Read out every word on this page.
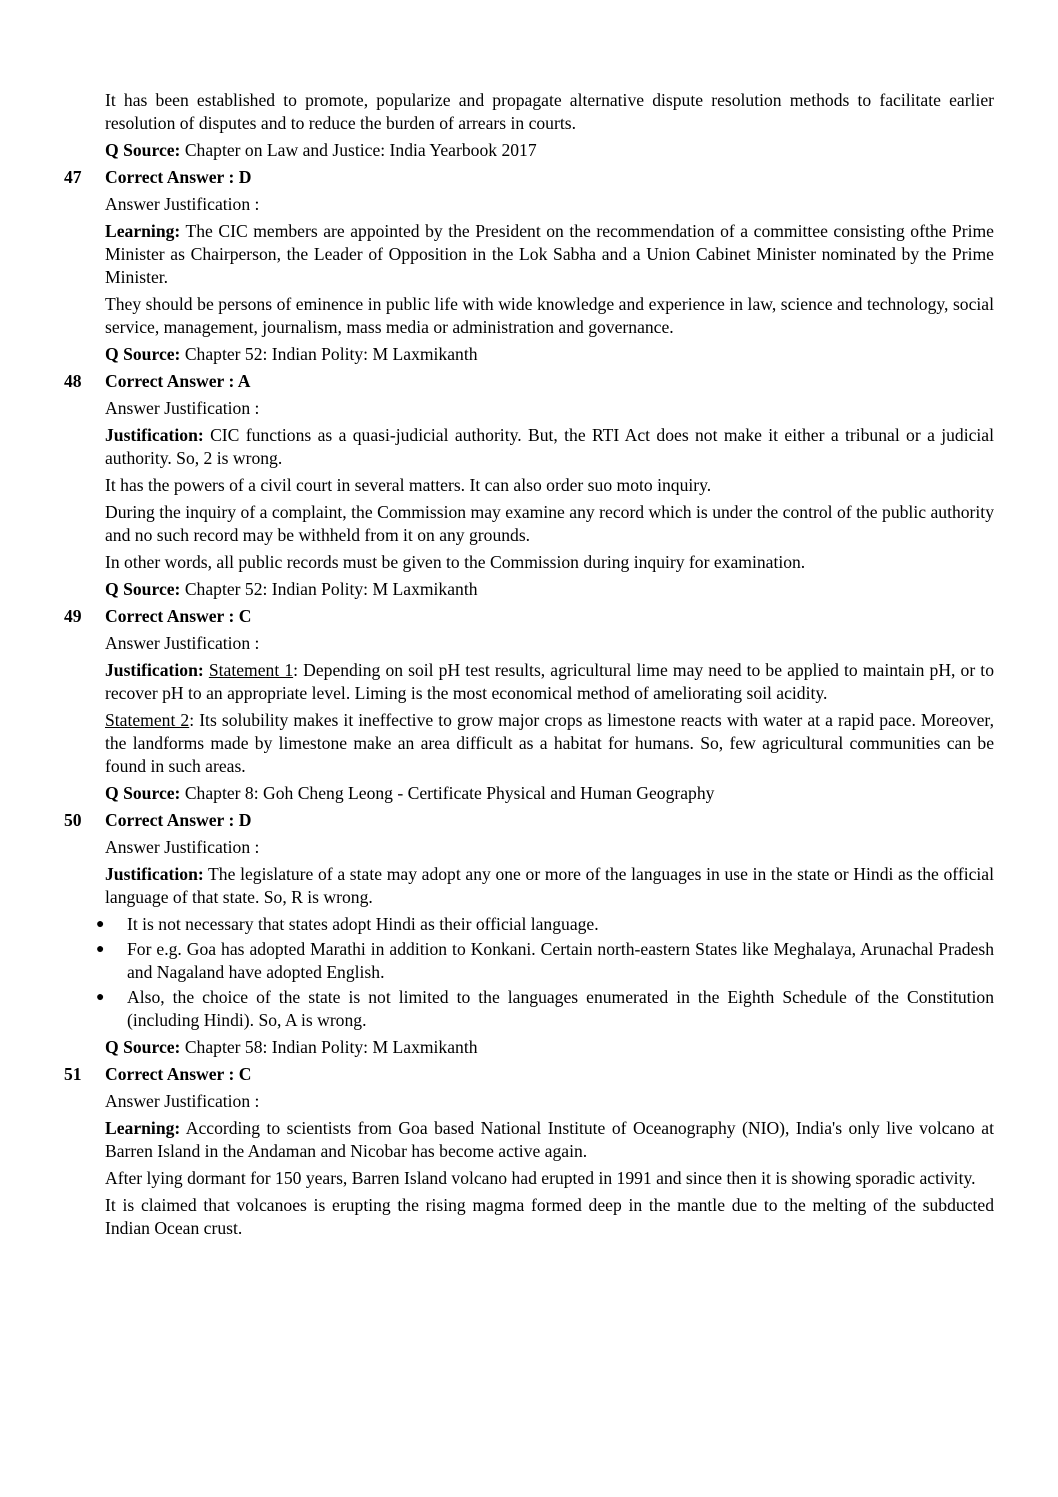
It has been established to promote, popularize and propagate alternative dispute resolution methods to facilitate earlier resolution of disputes and to reduce the burden of arrears in courts.

Q Source: Chapter on Law and Justice: India Yearbook 2017

47	Correct Answer : D

Answer Justification :

Learning: The CIC members are appointed by the President on the recommendation of a committee consisting ofthe Prime Minister as Chairperson, the Leader of Opposition in the Lok Sabha and a Union Cabinet Minister nominated by the Prime Minister.

They should be persons of eminence in public life with wide knowledge and experience in law, science and technology, social service, management, journalism, mass media or administration and governance.

Q Source: Chapter 52: Indian Polity: M Laxmikanth

48	Correct Answer : A

Answer Justification :

Justification: CIC functions as a quasi-judicial authority. But, the RTI Act does not make it either a tribunal or a judicial authority. So, 2 is wrong.

It has the powers of a civil court in several matters. It can also order suo moto inquiry.

During the inquiry of a complaint, the Commission may examine any record which is under the control of the public authority and no such record may be withheld from it on any grounds.

In other words, all public records must be given to the Commission during inquiry for examination.

Q Source: Chapter 52: Indian Polity: M Laxmikanth

49	Correct Answer : C

Answer Justification :

Justification: Statement 1: Depending on soil pH test results, agricultural lime may need to be applied to maintain pH, or to recover pH to an appropriate level. Liming is the most economical method of ameliorating soil acidity.

Statement 2: Its solubility makes it ineffective to grow major crops as limestone reacts with water at a rapid pace. Moreover, the landforms made by limestone make an area difficult as a habitat for humans. So, few agricultural communities can be found in such areas.

Q Source: Chapter 8: Goh Cheng Leong - Certificate Physical and Human Geography

50	Correct Answer : D

Answer Justification :

Justification: The legislature of a state may adopt any one or more of the languages in use in the state or Hindi as the official language of that state. So, R is wrong.

● It is not necessary that states adopt Hindi as their official language.
● For e.g. Goa has adopted Marathi in addition to Konkani. Certain north-eastern States like Meghalaya, Arunachal Pradesh and Nagaland have adopted English.
● Also, the choice of the state is not limited to the languages enumerated in the Eighth Schedule of the Constitution (including Hindi). So, A is wrong.

Q Source: Chapter 58: Indian Polity: M Laxmikanth

51	Correct Answer : C

Answer Justification :

Learning: According to scientists from Goa based National Institute of Oceanography (NIO), India's only live volcano at Barren Island in the Andaman and Nicobar has become active again.

After lying dormant for 150 years, Barren Island volcano had erupted in 1991 and since then it is showing sporadic activity.

It is claimed that volcanoes is erupting the rising magma formed deep in the mantle due to the melting of the subducted Indian Ocean crust.
